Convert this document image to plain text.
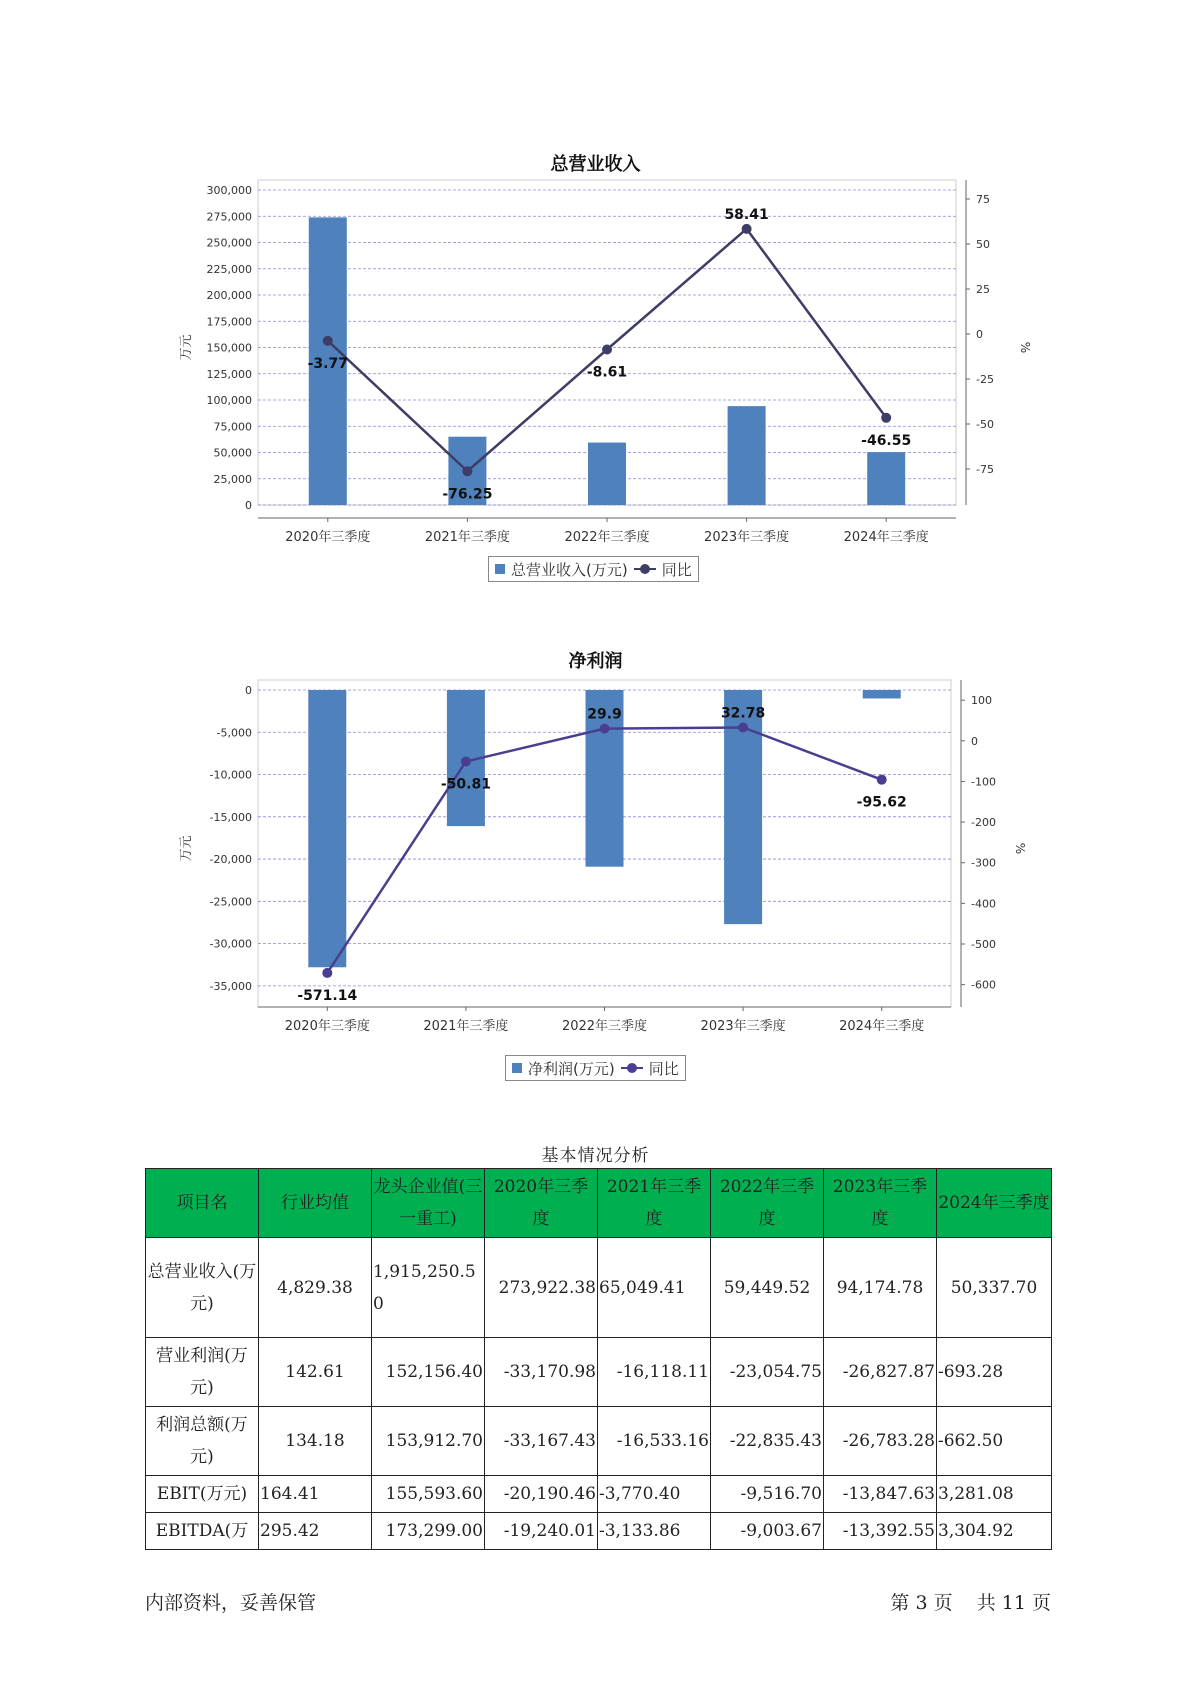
总营业收入
0
25,000
50,000
75,000
100,000
125,000
150,000
175,000
200,000
225,000
250,000
275,000
300,000
万元
-75
-50
-25
0
25
50
75
%
2020年三季度	2021年三季度	2022年三季度	2023年三季度	2024年三季度
-3.77
-76.25
-8.61
58.41
-46.55
总营业收入(万元) 同比
净利润
-35,000
-30,000
-25,000
-20,000
-15,000
-10,000
-5,000
0
万元
-600
-500
-400
-300
-200
-100
0
100
%
2020年三季度	2021年三季度	2022年三季度	2023年三季度	2024年三季度
-571.14
-50.81
29.9	32.78
-95.62
净利润(万元) 同比
基本情况分析
项目名	行业均值	龙头企业值(三一重工)	2020年三季度	2021年三季度	2022年三季度	2023年三季度	2024年三季度
总营业收入(万元)	4,829.38	1,915,250.50	273,922.38	65,049.41	59,449.52	94,174.78	50,337.70
营业利润(万元)	142.61	152,156.40	-33,170.98	-16,118.11	-23,054.75	-26,827.87	-693.28
利润总额(万元)	134.18	153,912.70	-33,167.43	-16,533.16	-22,835.43	-26,783.28	-662.50
EBIT(万元)	164.41	155,593.60	-20,190.46	-3,770.40	-9,516.70	-13,847.63	3,281.08
EBITDA(万	295.42	173,299.00	-19,240.01	-3,133.86	-9,003.67	-13,392.55	3,304.92
内部资料，妥善保管	第 3 页    共 11 页
